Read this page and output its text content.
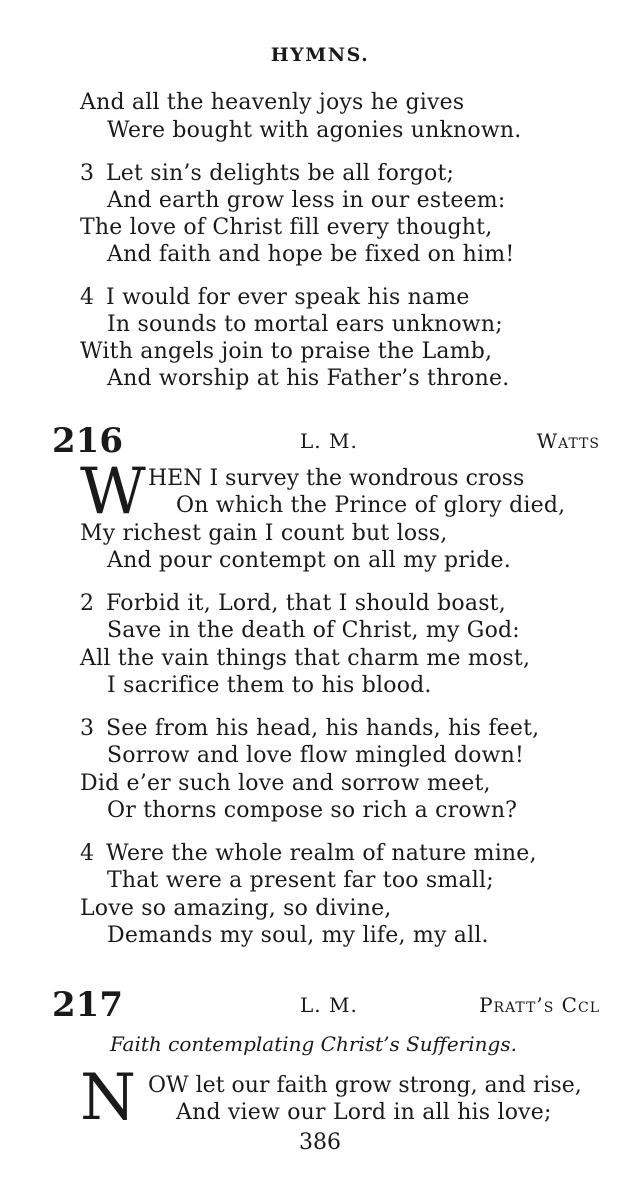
HYMNS.
And all the heavenly joys he gives
Were bought with agonies unknown.
3 Let sin’s delights be all forgot;
And earth grow less in our esteem:
The love of Christ fill every thought,
And faith and hope be fixed on him!
4 I would for ever speak his name
In sounds to mortal ears unknown;
With angels join to praise the Lamb,
And worship at his Father’s throne.
216	L. M.	Watts
W HEN I survey the wondrous cross
On which the Prince of glory died,
My richest gain I count but loss,
And pour contempt on all my pride.
2 Forbid it, Lord, that I should boast,
Save in the death of Christ, my God:
All the vain things that charm me most,
I sacrifice them to his blood.
3 See from his head, his hands, his feet,
Sorrow and love flow mingled down!
Did e’er such love and sorrow meet,
Or thorns compose so rich a crown?
4 Were the whole realm of nature mine,
That were a present far too small;
Love so amazing, so divine,
Demands my soul, my life, my all.
217	L. M.	Pratt’s Ccl
Faith contemplating Christ’s Sufferings.
N OW let our faith grow strong, and rise,
And view our Lord in all his love;
386
